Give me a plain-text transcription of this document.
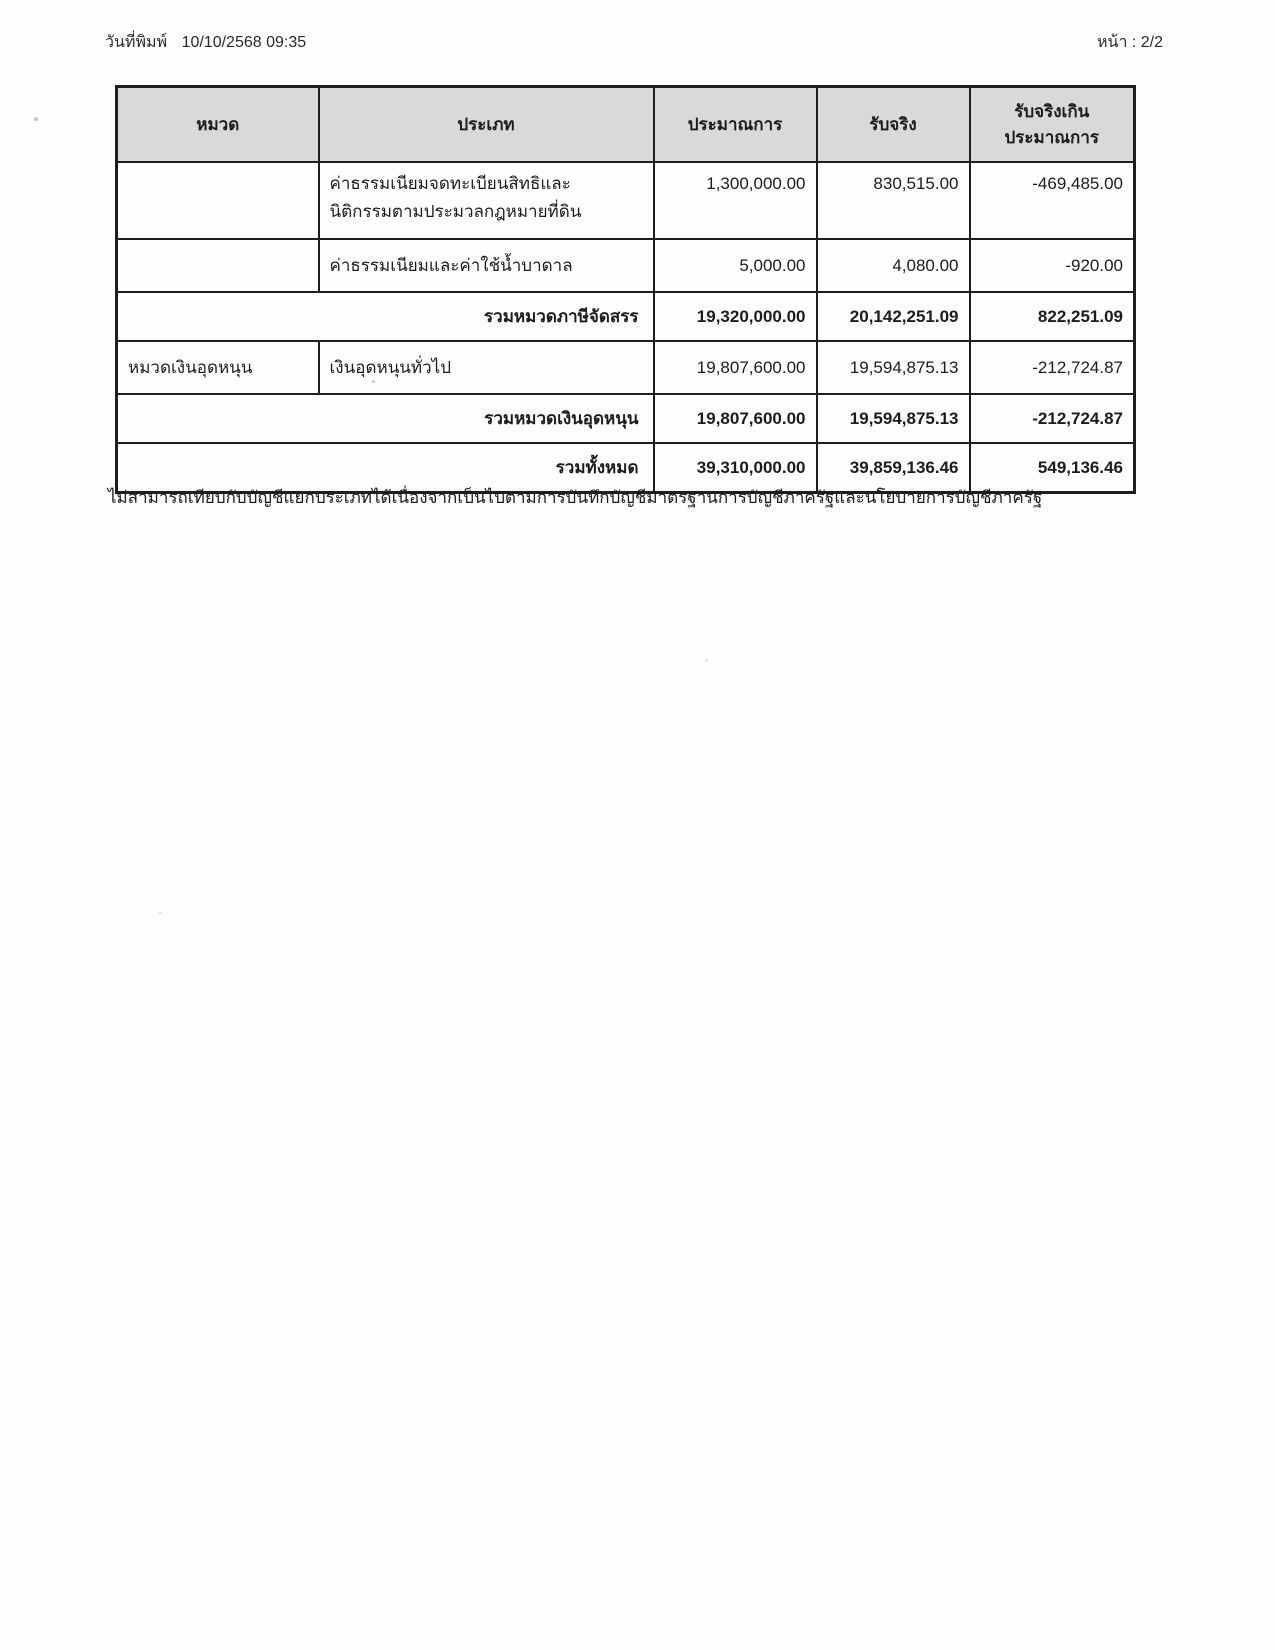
วันที่พิมพ์ 10/10/2568 09:35	หน้า : 2/2
หมวด	ประเภท	ประมาณการ	รับจริง	รับจริงเกิน
ประมาณการ

	ค่าธรรมเนียมจดทะเบียนสิทธิและ
นิติกรรมตามประมวลกฎหมายที่ดิน	1,300,000.00	830,515.00	-469,485.00
	ค่าธรรมเนียมและค่าใช้น้ำบาดาล	5,000.00	4,080.00	-920.00
รวมหมวดภาษีจัดสรร		19,320,000.00	20,142,251.09	822,251.09
หมวดเงินอุดหนุน	เงินอุดหนุนทั่วไป	19,807,600.00	19,594,875.13	-212,724.87
รวมหมวดเงินอุดหนุน		19,807,600.00	19,594,875.13	-212,724.87
รวมทั้งหมด		39,310,000.00	39,859,136.46	549,136.46
ไม่สามารถเทียบกับบัญชีแยกประเภทได้เนื่องจากเป็นไปตามการบันทึกบัญชีมาตรฐานการบัญชีภาครัฐและนโยบายการบัญชีภาครัฐ
